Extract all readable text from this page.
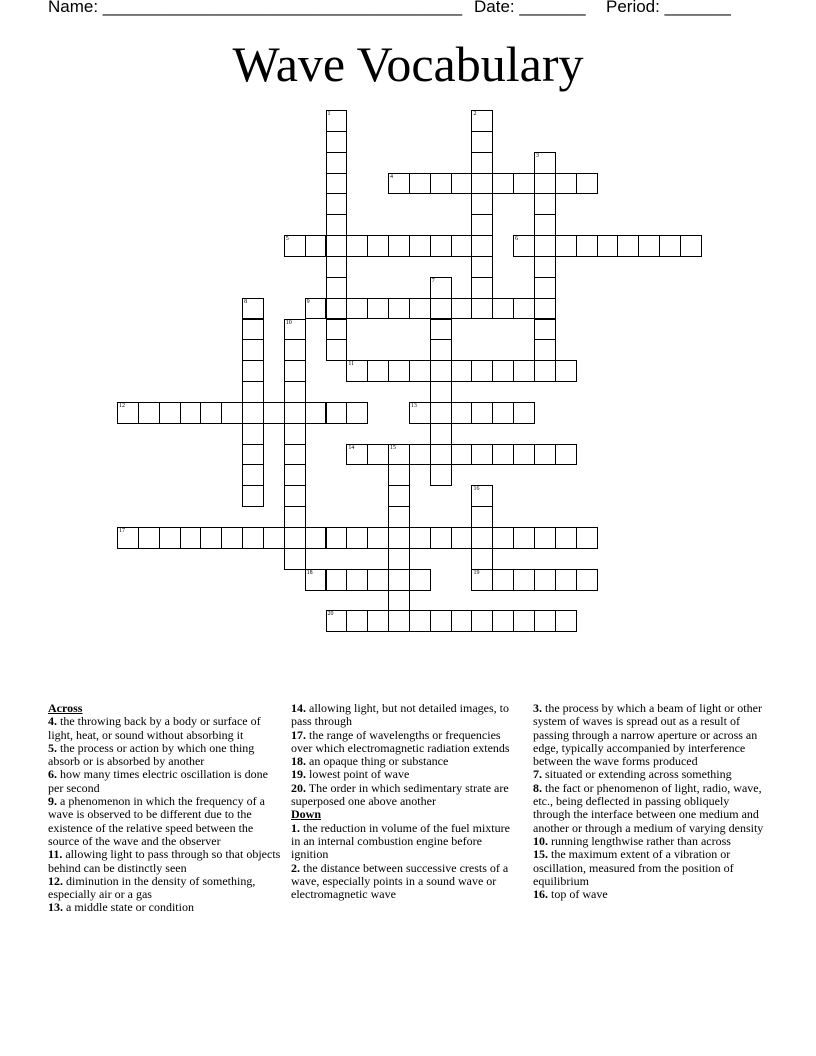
Name: ______________________________________ Date: _______ Period: _______
Wave Vocabulary
1	2
3
4
5	6
7
8	9
10
11
12	13
14	15
16
17
18	19
20

Across

4. the throwing back by a body or surface of light, heat, or sound without absorbing it

5. the process or action by which one thing absorb or is absorbed by another

6. how many times electric oscillation is done per second

9. a phenomenon in which the frequency of a wave is observed to be different due to the existence of the relative speed between the source of the wave and the observer

11. allowing light to pass through so that objects behind can be distinctly seen

12. diminution in the density of something, especially air or a gas

13. a middle state or condition

14. allowing light, but not detailed images, to pass through

17. the range of wavelengths or frequencies over which electromagnetic radiation extends

18. an opaque thing or substance

19. lowest point of wave

20. The order in which sedimentary strate are superposed one above another

Down

1. the reduction in volume of the fuel mixture in an internal combustion engine before ignition

2. the distance between successive crests of a wave, especially points in a sound wave or electromagnetic wave

3. the process by which a beam of light or other system of waves is spread out as a result of passing through a narrow aperture or across an edge, typically accompanied by interference between the wave forms produced

7. situated or extending across something

8. the fact or phenomenon of light, radio, wave, etc., being deflected in passing obliquely through the interface between one medium and another or through a medium of varying density

10. running lengthwise rather than across

15. the maximum extent of a vibration or oscillation, measured from the position of equilibrium

16. top of wave
